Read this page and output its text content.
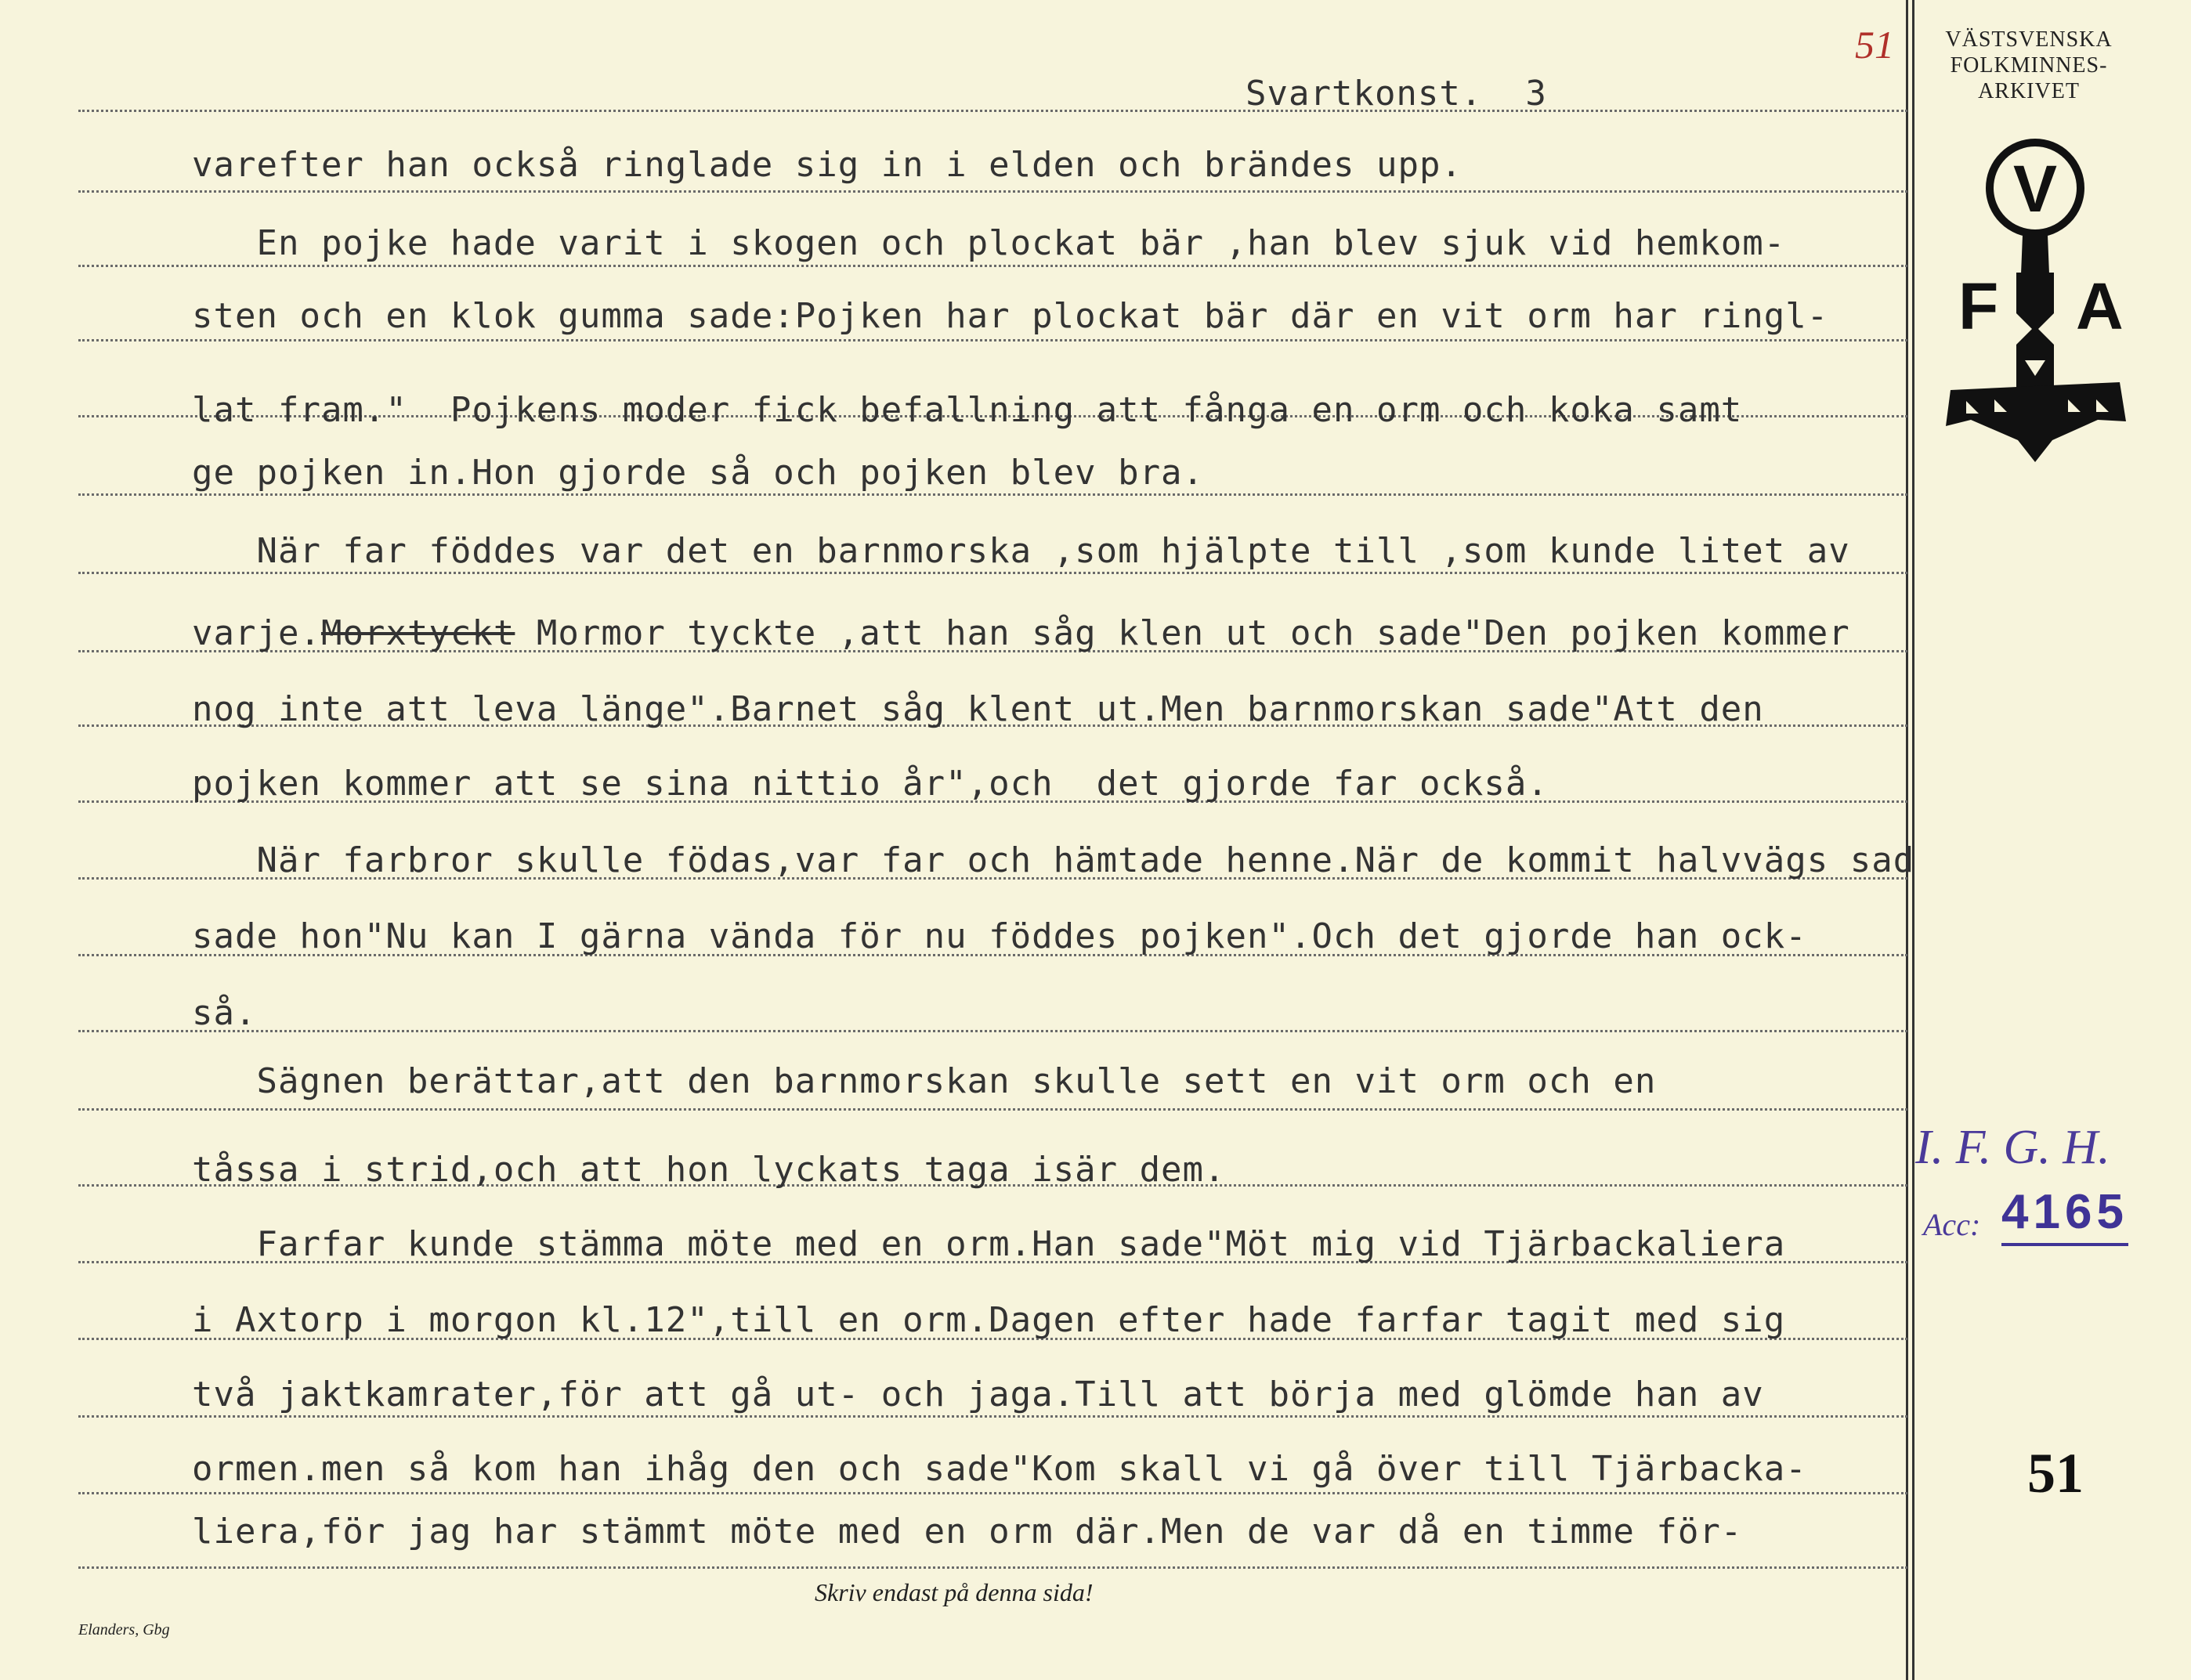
51
Svartkonst.  3
VÄSTSVENSKA
FOLKMINNES-
ARKIVET
V
F A
varefter han också ringlade sig in i elden och brändes upp.
En pojke hade varit i skogen och plockat bär ,han blev sjuk vid hemkom-
sten och en klok gumma sade:Pojken har plockat bär där en vit orm har ringl-
lat fram."  Pojkens moder fick befallning att fånga en orm och koka samt
ge pojken in.Hon gjorde så och pojken blev bra.
När far föddes var det en barnmorska ,som hjälpte till ,som kunde litet av
varje.Morxtyckt Mormor tyckte ,att han såg klen ut och sade"Den pojken kommer
nog inte att leva länge".Barnet såg klent ut.Men barnmorskan sade"Att den
pojken kommer att se sina nittio år",och  det gjorde far också.
När farbror skulle födas,var far och hämtade henne.När de kommit halvvägs sad
sade hon"Nu kan I gärna vända för nu föddes pojken".Och det gjorde han ock-
så.
Sägnen berättar,att den barnmorskan skulle sett en vit orm och en
tåssa i strid,och att hon lyckats taga isär dem.
Farfar kunde stämma möte med en orm.Han sade"Möt mig vid Tjärbackaliera
i Axtorp i morgon kl.12",till en orm.Dagen efter hade farfar tagit med sig
två jaktkamrater,för att gå ut- och jaga.Till att börja med glömde han av
ormen.men så kom han ihåg den och sade"Kom skall vi gå över till Tjärbacka-
liera,för jag har stämmt möte med en orm där.Men de var då en timme för-
I. F. G. H.
Acc: 4165
51
Skriv endast på denna sida!
Elanders, Gbg
